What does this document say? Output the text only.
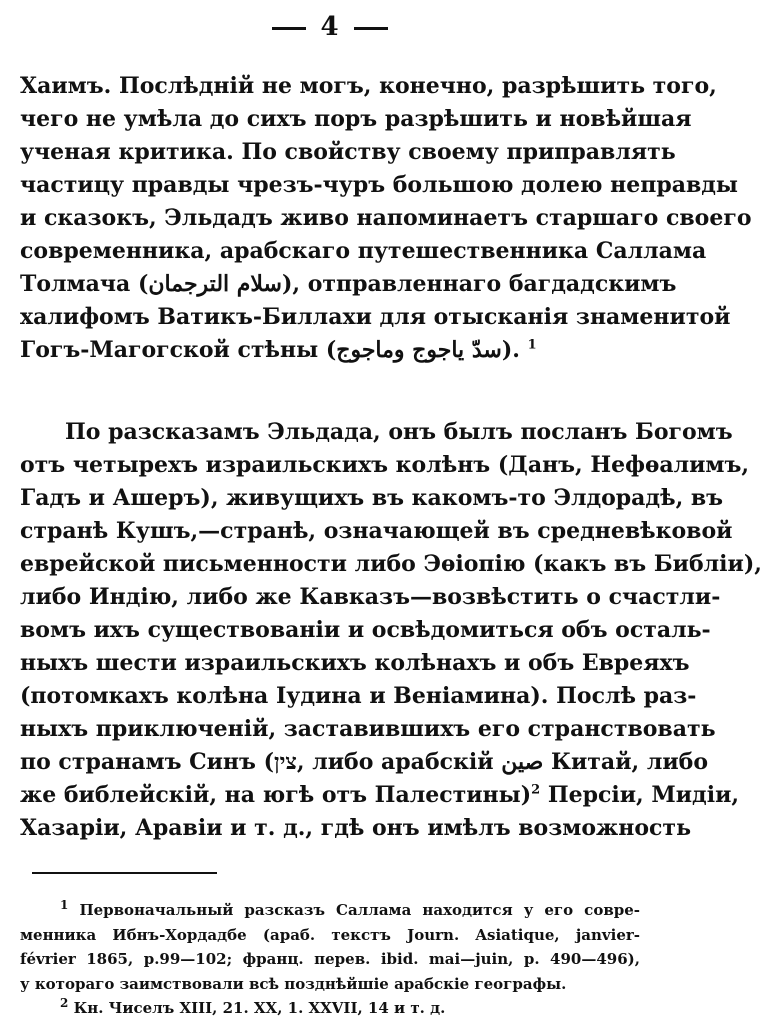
4
Хаимъ. Послѣднiй не могъ, конечно, разрѣшить того,
чего не умѣла до сихъ поръ разрѣшить и новѣйшая
ученая критика. По свойству своему приправлять
частицу правды чрезъ-чуръ большою долею неправды
и сказокъ, Эльдадъ живо напоминаетъ старшаго своего
современника, арабскаго путешественника Саллама
Толмача (سلام الترجمان), отправленнаго багдадскимъ
халифомъ Ватикъ-Биллахи для отысканiя знаменитой
Гогъ-Магогской стѣны (سدّ ياجوج وماجوج). $^1$
По разсказамъ Эльдада, онъ былъ посланъ Богомъ
отъ четырехъ израильскихъ колѣнъ (Данъ, Нефѳалимъ,
Гадъ и Ашеръ), живущихъ въ какомъ-то Элдорадѣ, въ
странѣ Кушъ,—странѣ, означающей въ средневѣковой
еврейской письменности либо Эѳiопiю (какъ въ Библiи),
либо Индiю, либо же Кавказъ—возвѣстить о счастли-
вомъ ихъ существованiи и освѣдомиться объ осталь-
ныхъ шести израильскихъ колѣнахъ и объ Евреяхъ
(потомкахъ колѣна Iудина и Венiамина). Послѣ раз-
ныхъ приключенiй, заставившихъ его странствовать
по странамъ Синъ (צין, либо арабскiй صين Китай, либо
же библейскiй, на югѣ отъ Палестины)$^2$ Персiи, Мидiи,
Хазарiи, Аравiи и т. д., гдѣ онъ имѣлъ возможность
$^1$ Первоначальный разсказъ Саллама находится у его совре-
менника Ибнъ-Хордадбе (араб. текстъ Journ. Asiatique, janvier-
février 1865, p.99—102; франц. перев. ibid. mai—juin, p. 490—496),
у котораго заимствовали всѣ позднѣйшiе арабскiе географы.
$^2$ Кн. Чиселъ XIII, 21. XX, 1. XXVII, 14 и т. д.
